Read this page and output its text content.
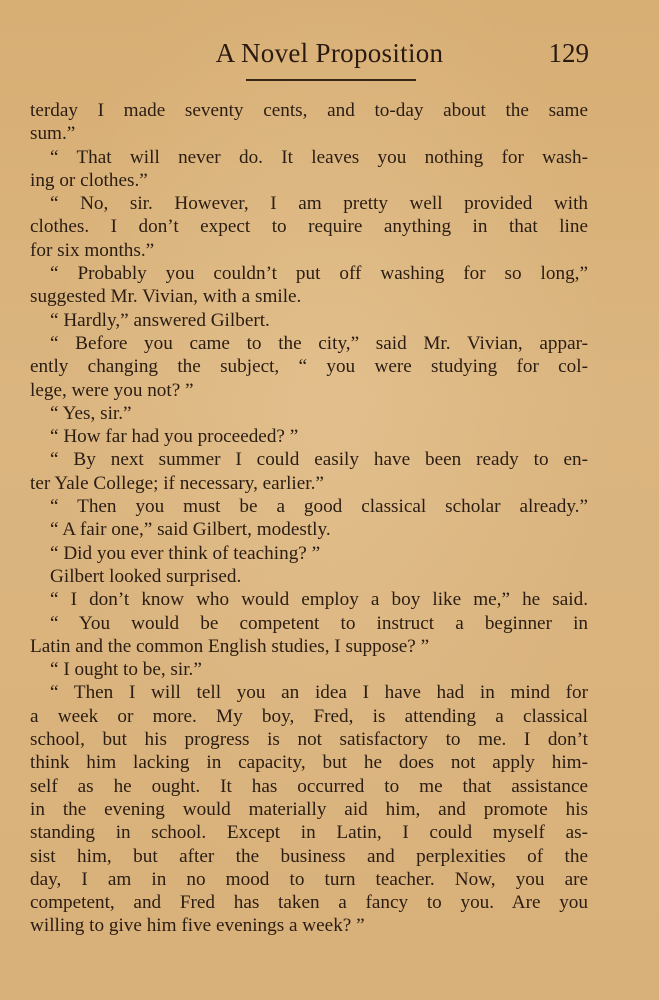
A Novel Proposition	129
terday I made seventy cents, and to-day about the same
sum.”
“ That will never do. It leaves you nothing for wash-
ing or clothes.”
“ No, sir. However, I am pretty well provided with
clothes. I don’t expect to require anything in that line
for six months.”
“ Probably you couldn’t put off washing for so long,”
suggested Mr. Vivian, with a smile.
“ Hardly,” answered Gilbert.
“ Before you came to the city,” said Mr. Vivian, appar-
ently changing the subject, “ you were studying for col-
lege, were you not? ”
“ Yes, sir.”
“ How far had you proceeded? ”
“ By next summer I could easily have been ready to en-
ter Yale College; if necessary, earlier.”
“ Then you must be a good classical scholar already.”
“ A fair one,” said Gilbert, modestly.
“ Did you ever think of teaching? ”
Gilbert looked surprised.
“ I don’t know who would employ a boy like me,” he said.
“ You would be competent to instruct a beginner in
Latin and the common English studies, I suppose? ”
“ I ought to be, sir.”
“ Then I will tell you an idea I have had in mind for
a week or more. My boy, Fred, is attending a classical
school, but his progress is not satisfactory to me. I don’t
think him lacking in capacity, but he does not apply him-
self as he ought. It has occurred to me that assistance
in the evening would materially aid him, and promote his
standing in school. Except in Latin, I could myself as-
sist him, but after the business and perplexities of the
day, I am in no mood to turn teacher. Now, you are
competent, and Fred has taken a fancy to you. Are you
willing to give him five evenings a week? ”
